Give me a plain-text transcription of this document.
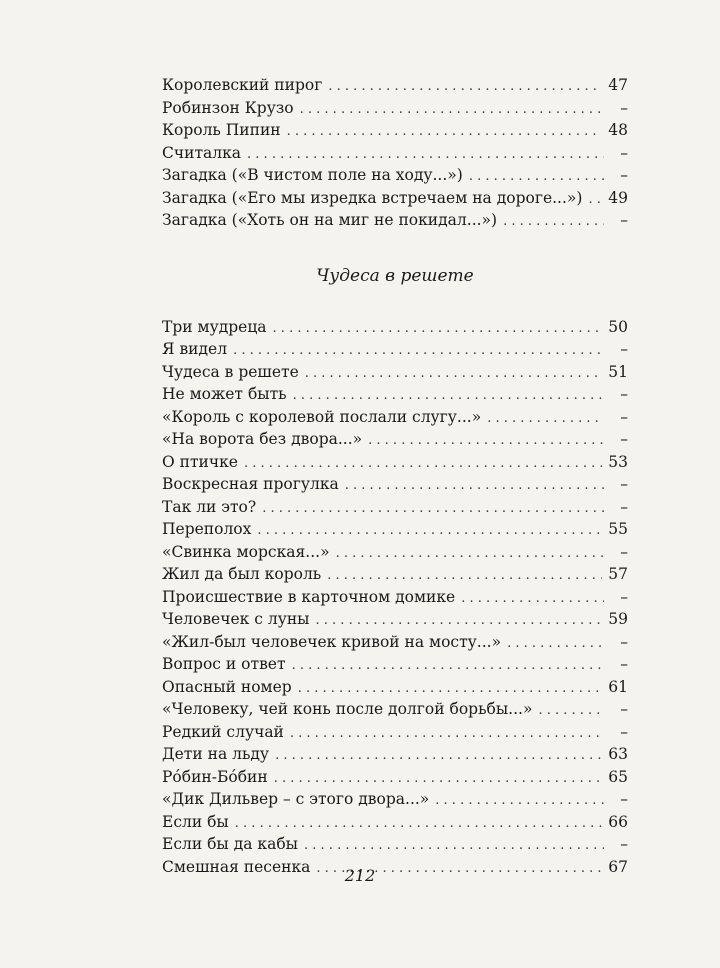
Королевский пирог . . .	47
Робинзон Крузо . . .	–
Король Пипин . . .	48
Считалка . . .	–
Загадка («В чистом поле на ходу...») . . .	–
Загадка («Его мы изредка встречаем на дороге...») . . . 49
Загадка («Хоть он на миг не покидал...») . . .	–
Чудеса в решете
Три мудреца . . .	50
Я видел . . .	–
Чудеса в решете . . .	51
Не может быть . . .	–
«Король с королевой послали слугу...» . . .	–
«На ворота без двора...» . . .	–
О птичке . . .	53
Воскресная прогулка . . .	–
Так ли это? . . .	–
Переполох . . .	55
«Свинка морская...» . . .	–
Жил да был король . . .	57
Происшествие в карточном домике . . .	–
Человечек с луны . . .	59
«Жил-был человечек кривой на мосту...» . . .	–
Вопрос и ответ . . .	–
Опасный номер . . .	61
«Человеку, чей конь после долгой борьбы...» . . .	–
Редкий случай . . .	–
Дети на льду . . .	63
Рóбин-Бóбин . . .	65
«Дик Дильвер – с этого двора...» . . .	–
Если бы . . .	66
Если бы да кабы . . .	–
Смешная песенка . . .	67
212
